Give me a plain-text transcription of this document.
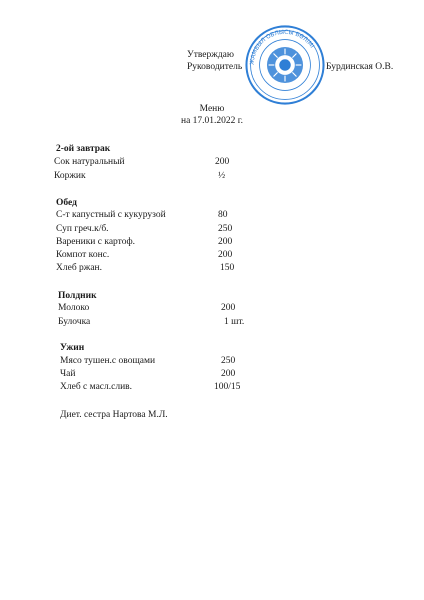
Утверждаю
Руководитель	Бурдинская О.В.
ЖАМБЫЛ ОБЛЫСЫ БӨЛІМІ
Меню
на 17.01.2022 г.
2-ой завтрак
Сок натуральный	200
Коржик	½
Обед
С-т капустный с кукурузой	80
Суп греч.к/б.	250
Вареники с картоф.	200
Компот конс.	200
Хлеб ржан.	150
Полдник
Молоко	200
Булочка	1 шт.
Ужин
Мясо тушен.с овощами	250
Чай	200
Хлеб с масл.слив.	100/15
Диет. сестра Нартова М.Л.
